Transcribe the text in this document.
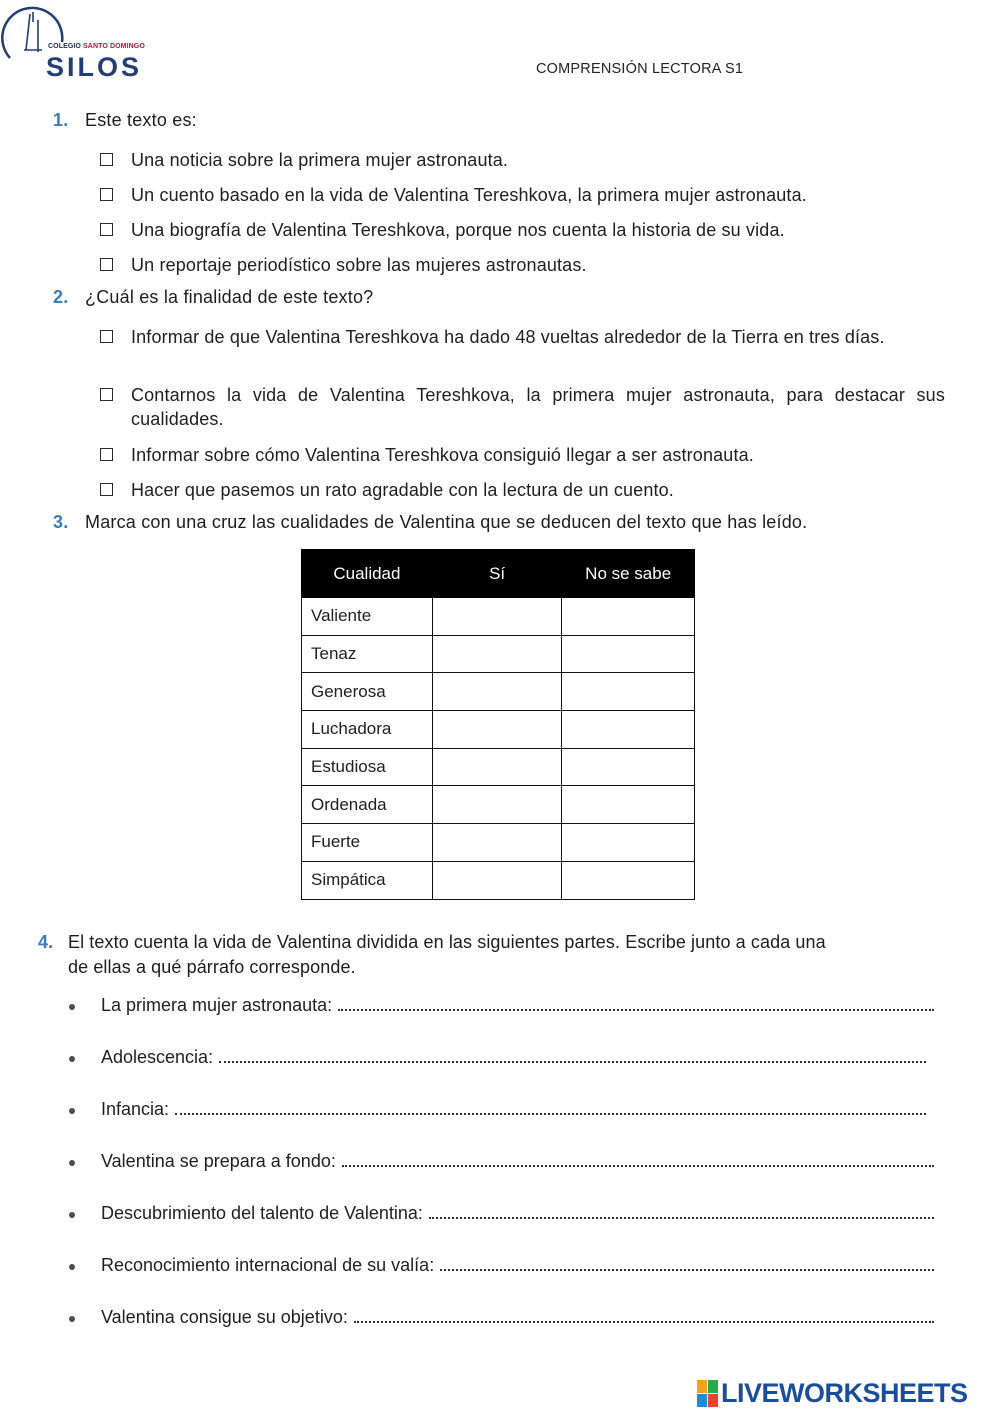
COLEGIO SANTO DOMINGO
SILOS	COMPRENSIÓN LECTORA S1
1. Este texto es:
Una noticia sobre la primera mujer astronauta.
Un cuento basado en la vida de Valentina Tereshkova, la primera mujer astronauta.
Una biografía de Valentina Tereshkova, porque nos cuenta la historia de su vida.
Un reportaje periodístico sobre las mujeres astronautas.
2. ¿Cuál es la finalidad de este texto?
Informar de que Valentina Tereshkova ha dado 48 vueltas alrededor de la Tierra en tres días.
Contarnos la vida de Valentina Tereshkova, la primera mujer astronauta, para destacar sus cualidades.
Informar sobre cómo Valentina Tereshkova consiguió llegar a ser astronauta.
Hacer que pasemos un rato agradable con la lectura de un cuento.
3. Marca con una cruz las cualidades de Valentina que se deducen del texto que has leído.
Cualidad	Sí	No se sabe
Valiente		
Tenaz		
Generosa		
Luchadora		
Estudiosa		
Ordenada		
Fuerte		
Simpática		
4. El texto cuenta la vida de Valentina dividida en las siguientes partes. Escribe junto a cada una
de ellas a qué párrafo corresponde.
La primera mujer astronauta:
Adolescencia:
Infancia:
Valentina se prepara a fondo:
Descubrimiento del talento de Valentina:
Reconocimiento internacional de su valía:
Valentina consigue su objetivo:
LIVEWORKSHEETS
